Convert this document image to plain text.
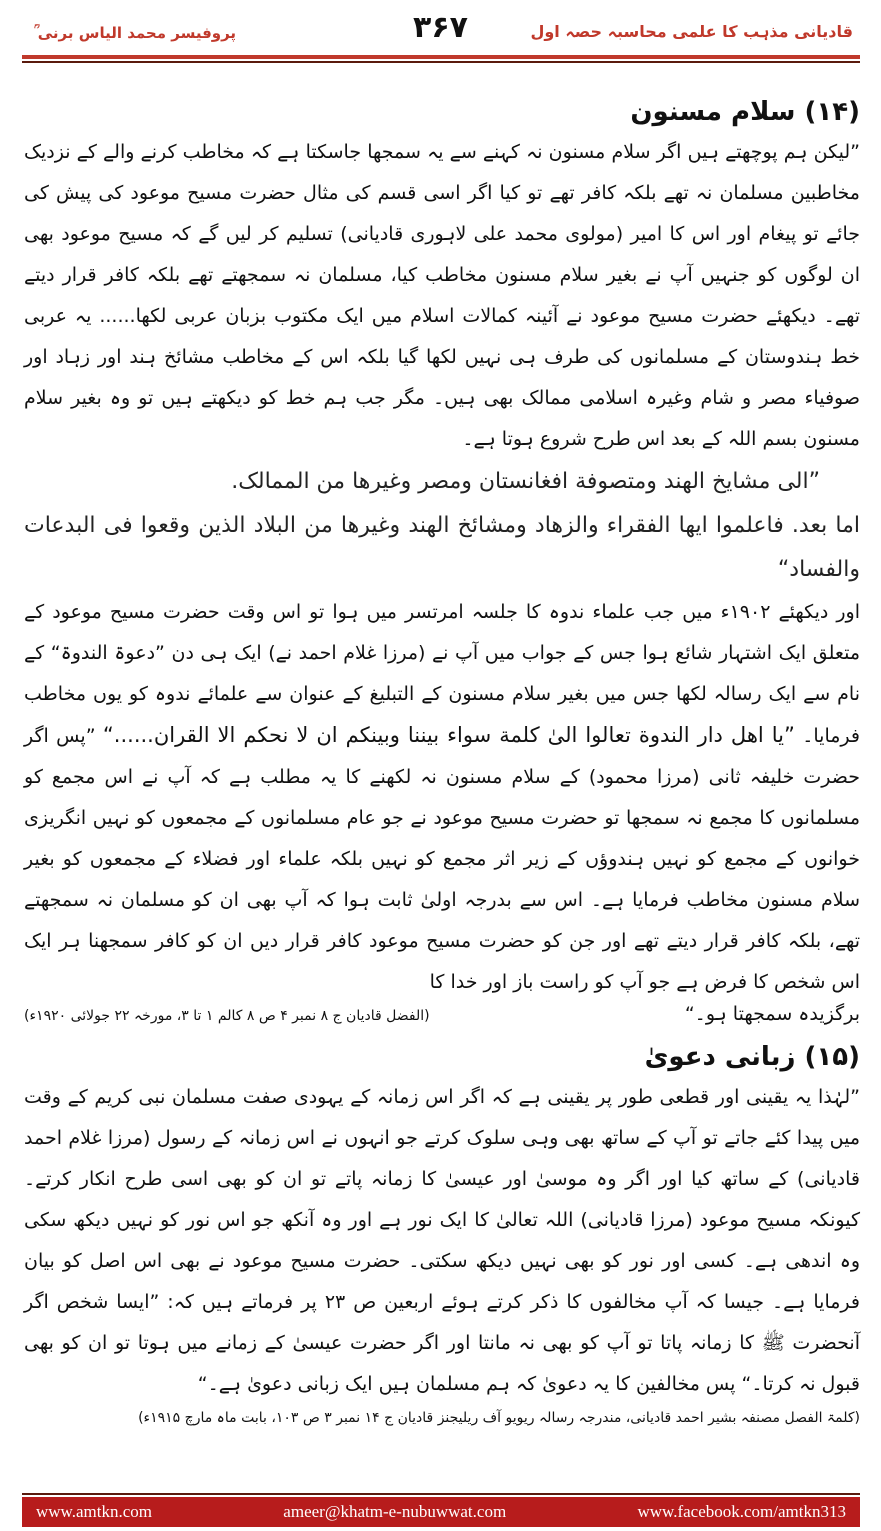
قادیانی مذہب کا علمی محاسبہ حصہ اول
۳۶۷
پروفیسر محمد الیاس برنی ؒ
(۱۴) سلام مسنون

”لیکن ہم پوچھتے ہیں اگر سلام مسنون نہ کہنے سے یہ سمجھا جاسکتا ہے کہ مخاطب کرنے والے کے نزدیک مخاطبین مسلمان نہ تھے بلکہ کافر تھے تو کیا اگر اسی قسم کی مثال حضرت مسیح موعود کی پیش کی جائے تو پیغام اور اس کا امیر (مولوی محمد علی لاہوری قادیانی) تسلیم کر لیں گے کہ مسیح موعود بھی ان لوگوں کو جنہیں آپ نے بغیر سلام مسنون مخاطب کیا، مسلمان نہ سمجھتے تھے بلکہ کافر قرار دیتے تھے۔ دیکھئے حضرت مسیح موعود نے آئینہ کمالات اسلام میں ایک مکتوب بزبان عربی لکھا...... یہ عربی خط ہندوستان کے مسلمانوں کی طرف ہی نہیں لکھا گیا بلکہ اس کے مخاطب مشائخ ہند اور زہاد اور صوفیاء مصر و شام وغیرہ اسلامی ممالک بھی ہیں۔ مگر جب ہم خط کو دیکھتے ہیں تو وہ بغیر سلام مسنون بسم اللہ کے بعد اس طرح شروع ہوتا ہے۔

”الی مشایخ الهند ومتصوفة افغانستان ومصر وغیرها من الممالک.

اما بعد. فاعلموا ایها الفقراء والزهاد ومشائخ الهند وغیرها من البلاد الذین وقعوا فی البدعات والفساد“

اور دیکھئے ۱۹۰۲ء میں جب علماء ندوہ کا جلسہ امرتسر میں ہوا تو اس وقت حضرت مسیح موعود کے متعلق ایک اشتہار شائع ہوا جس کے جواب میں آپ نے (مرزا غلام احمد نے) ایک ہی دن ”دعوۃ الندوۃ“ کے نام سے ایک رسالہ لکھا جس میں بغیر سلام مسنون کے التبلیغ کے عنوان سے علمائے ندوہ کو یوں مخاطب فرمایا۔ ”یا اهل دار الندوة تعالوا الیٰ کلمة سواء بیننا وبینکم ان لا نحکم الا القران......“ ”پس اگر حضرت خلیفہ ثانی (مرزا محمود) کے سلام مسنون نہ لکھنے کا یہ مطلب ہے کہ آپ نے اس مجمع کو مسلمانوں کا مجمع نہ سمجھا تو حضرت مسیح موعود نے جو عام مسلمانوں کے مجمعوں کو نہیں انگریزی خوانوں کے مجمع کو نہیں ہندوؤں کے زیر اثر مجمع کو نہیں بلکہ علماء اور فضلاء کے مجمعوں کو بغیر سلام مسنون مخاطب فرمایا ہے۔ اس سے بدرجہ اولیٰ ثابت ہوا کہ آپ بھی ان کو مسلمان نہ سمجھتے تھے، بلکہ کافر قرار دیتے تھے اور جن کو حضرت مسیح موعود کافر قرار دیں ان کو کافر سمجھنا ہر ایک اس شخص کا فرض ہے جو آپ کو راست باز اور خدا کا

برگزیدہ سمجھتا ہو۔“
(الفضل قادیان ج ۸ نمبر ۴ ص ۸ کالم ۱ تا ۳، مورخہ ۲۲ جولائی ۱۹۲۰ء)
(۱۵) زبانی دعویٰ

”لہٰذا یہ یقینی اور قطعی طور پر یقینی ہے کہ اگر اس زمانہ کے یہودی صفت مسلمان نبی کریم کے وقت میں پیدا کئے جاتے تو آپ کے ساتھ بھی وہی سلوک کرتے جو انہوں نے اس زمانہ کے رسول (مرزا غلام احمد قادیانی) کے ساتھ کیا اور اگر وہ موسیٰ اور عیسیٰ کا زمانہ پاتے تو ان کو بھی اسی طرح انکار کرتے۔ کیونکہ مسیح موعود (مرزا قادیانی) اللہ تعالیٰ کا ایک نور ہے اور وہ آنکھ جو اس نور کو نہیں دیکھ سکی وہ اندھی ہے۔ کسی اور نور کو بھی نہیں دیکھ سکتی۔ حضرت مسیح موعود نے بھی اس اصل کو بیان فرمایا ہے۔ جیسا کہ آپ مخالفوں کا ذکر کرتے ہوئے اربعین ص ۲۳ پر فرماتے ہیں کہ: ”ایسا شخص اگر آنحضرت ﷺ کا زمانہ پاتا تو آپ کو بھی نہ مانتا اور اگر حضرت عیسیٰ کے زمانے میں ہوتا تو ان کو بھی قبول نہ کرتا۔“ پس مخالفین کا یہ دعویٰ کہ ہم مسلمان ہیں ایک زبانی دعویٰ ہے۔“

(کلمۃ الفصل مصنفہ بشیر احمد قادیانی، مندرجہ رسالہ ریویو آف ریلیجنز قادیان ج ۱۴ نمبر ۳ ص ۱۰۳، بابت ماہ مارچ ۱۹۱۵ء)

www.amtkn.com	ameer@khatm-e-nubuwwat.com	www.facebook.com/amtkn313
